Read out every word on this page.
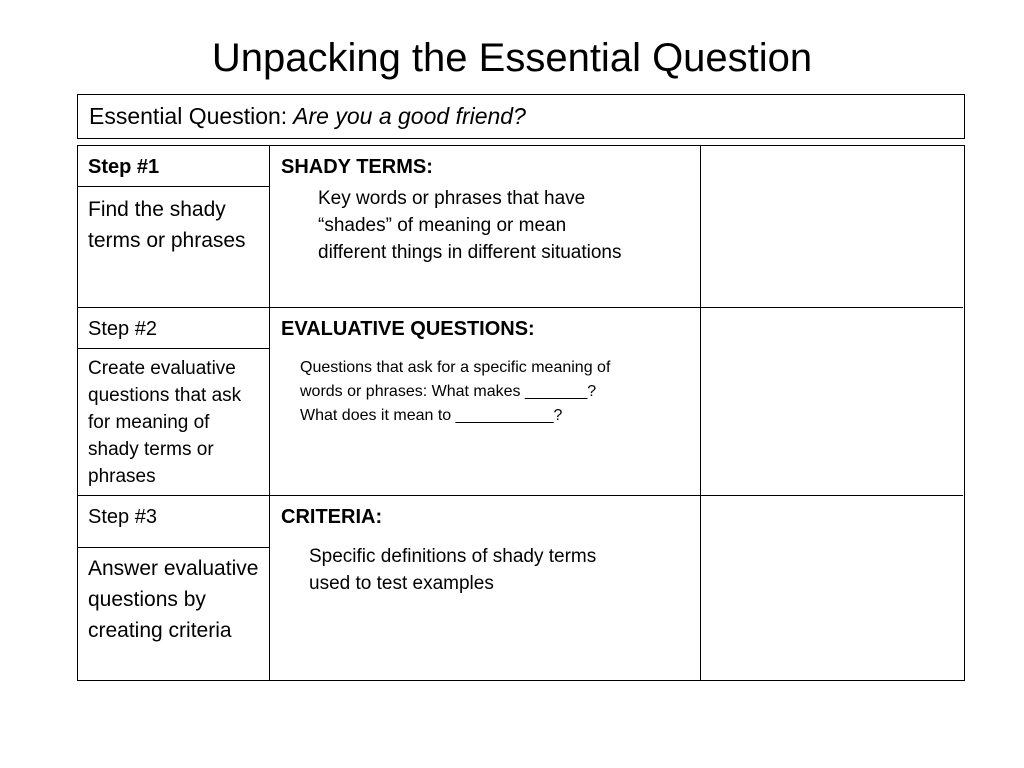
Unpacking the Essential Question
Essential Question: Are you a good friend?
Step #1
Find the shady terms or phrases
SHADY TERMS:
Key words or phrases that have “shades” of meaning or mean different things in different situations
Step #2
Create evaluative questions that ask for meaning of shady terms or phrases
EVALUATIVE QUESTIONS:
Questions that ask for a specific meaning of words or phrases: What makes _______? What does it mean to ___________?
Step #3
Answer evaluative questions by creating criteria
CRITERIA:
Specific definitions of shady terms used to test examples
